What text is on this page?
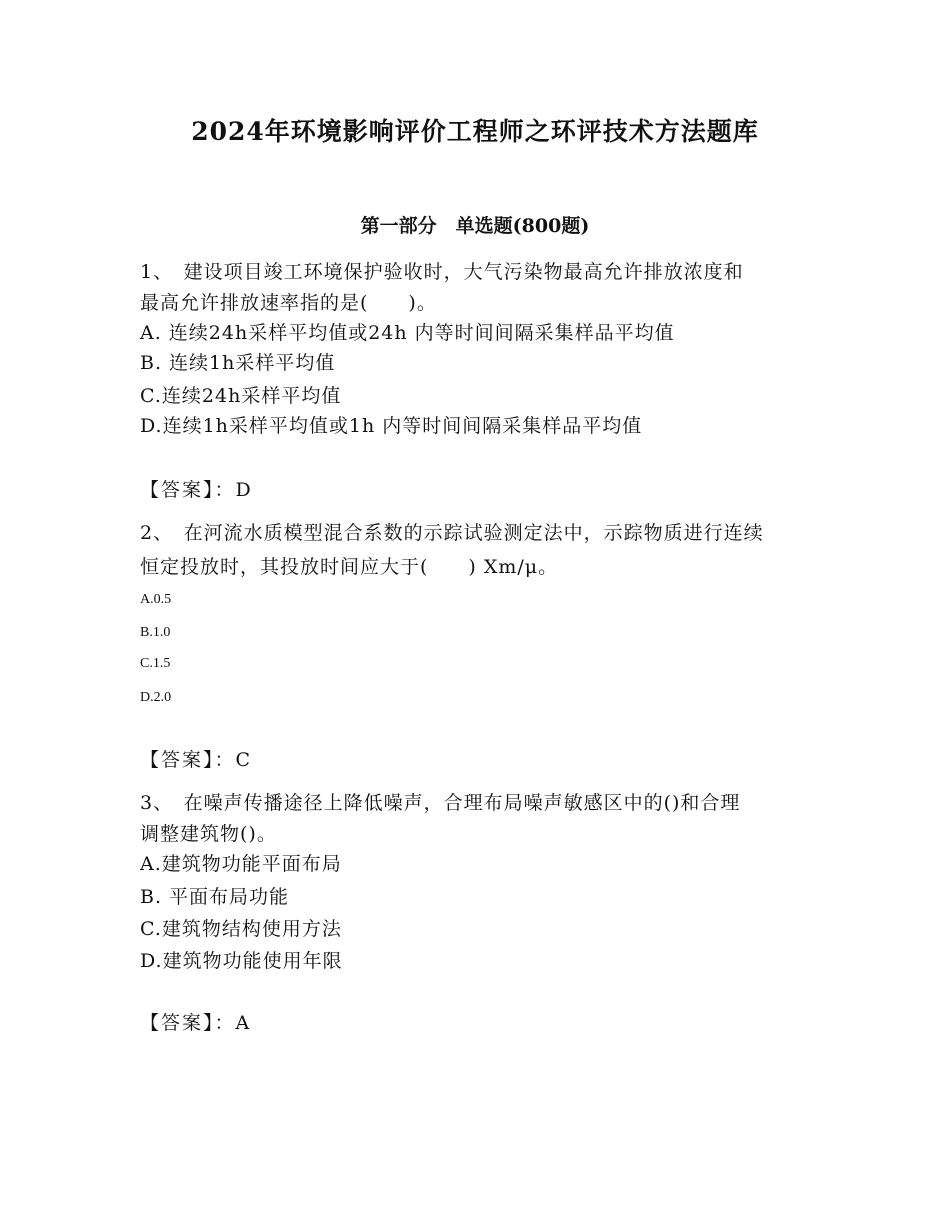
2024年环境影响评价工程师之环评技术方法题库
第一部分　单选题(800题)
1、　建设项目竣工环境保护验收时，大气污染物最高允许排放浓度和
最高允许排放速率指的是(　　)。
A. 连续24h采样平均值或24h 内等时间间隔采集样品平均值
B. 连续1h采样平均值
C.连续24h采样平均值
D.连续1h采样平均值或1h 内等时间间隔采集样品平均值
【答案】：D
2、　在河流水质模型混合系数的示踪试验测定法中，示踪物质进行连续
恒定投放时，其投放时间应大于(　　) Xm/μ。
A.0.5
B.1.0
C.1.5
D.2.0
【答案】：C
3、　在噪声传播途径上降低噪声，合理布局噪声敏感区中的()和合理
调整建筑物()。
A.建筑物功能平面布局
B. 平面布局功能
C.建筑物结构使用方法
D.建筑物功能使用年限
【答案】：A
